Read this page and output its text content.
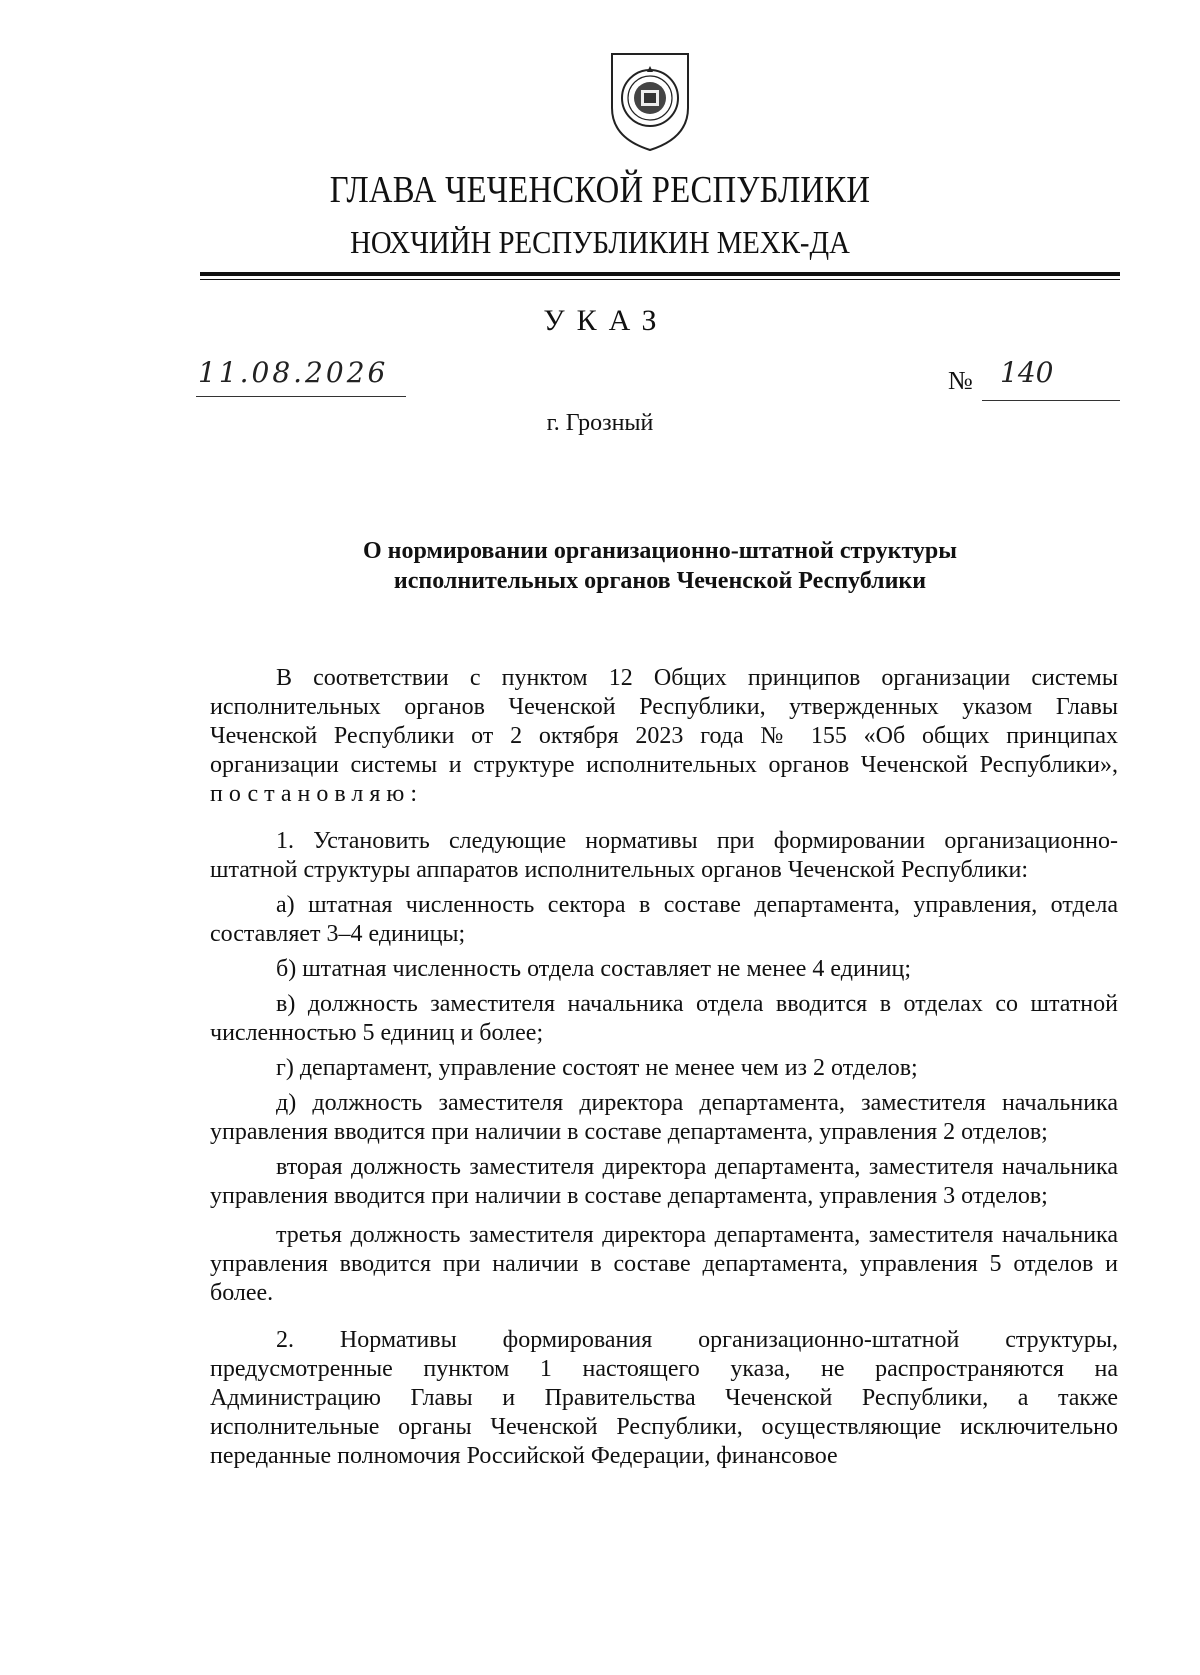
ГЛАВА ЧЕЧЕНСКОЙ РЕСПУБЛИКИ
НОХЧИЙН РЕСПУБЛИКИН МЕХК-ДА
УКАЗ
11.08.2026	№ 140
г. Грозный
О нормировании организационно-штатной структуры
исполнительных органов Чеченской Республики

В соответствии с пунктом 12 Общих принципов организации системы исполнительных органов Чеченской Республики, утвержденных указом Главы Чеченской Республики от 2 октября 2023 года № 155 «Об общих принципах организации системы и структуре исполнительных органов Чеченской Республики», постановляю:

1. Установить следующие нормативы при формировании организационно-штатной структуры аппаратов исполнительных органов Чеченской Республики:

а) штатная численность сектора в составе департамента, управления, отдела составляет 3–4 единицы;

б) штатная численность отдела составляет не менее 4 единиц;

в) должность заместителя начальника отдела вводится в отделах со штатной численностью 5 единиц и более;

г) департамент, управление состоят не менее чем из 2 отделов;

д) должность заместителя директора департамента, заместителя начальника управления вводится при наличии в составе департамента, управления 2 отделов;

вторая должность заместителя директора департамента, заместителя начальника управления вводится при наличии в составе департамента, управления 3 отделов;

третья должность заместителя директора департамента, заместителя начальника управления вводится при наличии в составе департамента, управления 5 отделов и более.

2. Нормативы формирования организационно-штатной структуры, предусмотренные пунктом 1 настоящего указа, не распространяются на Администрацию Главы и Правительства Чеченской Республики, а также исполнительные органы Чеченской Республики, осуществляющие исключительно переданные полномочия Российской Федерации, финансовое
